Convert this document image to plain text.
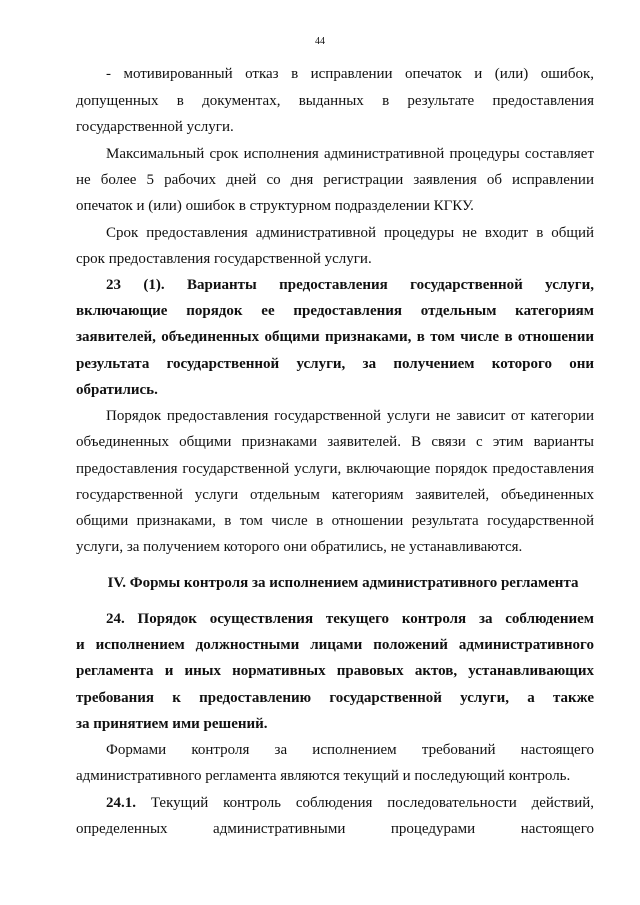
44
- мотивированный отказ в исправлении опечаток и (или) ошибок,
допущенных в документах, выданных в результате предоставления
государственной услуги.
Максимальный срок исполнения административной процедуры составляет
не более 5 рабочих дней со дня регистрации заявления об исправлении
опечаток и (или) ошибок в структурном подразделении КГКУ.
Срок предоставления административной процедуры не входит в общий
срок предоставления государственной услуги.
23 (1). Варианты предоставления государственной услуги,
включающие порядок ее предоставления отдельным категориям
заявителей, объединенных общими признаками, в том числе в отношении
результата государственной услуги, за получением которого они
обратились.
Порядок предоставления государственной услуги не зависит от категории
объединенных общими признаками заявителей. В связи с этим варианты
предоставления государственной услуги, включающие порядок предоставления
государственной услуги отдельным категориям заявителей, объединенных
общими признаками, в том числе в отношении результата государственной
услуги, за получением которого они обратились, не устанавливаются.
IV. Формы контроля за исполнением административного регламента
24. Порядок осуществления текущего контроля за соблюдением
и исполнением должностными лицами положений административного
регламента и иных нормативных правовых актов, устанавливающих
требования к предоставлению государственной услуги, а также
за принятием ими решений.
Формами контроля за исполнением требований настоящего
административного регламента являются текущий и последующий контроль.
24.1. Текущий контроль соблюдения последовательности действий,
определенных административными процедурами настоящего
